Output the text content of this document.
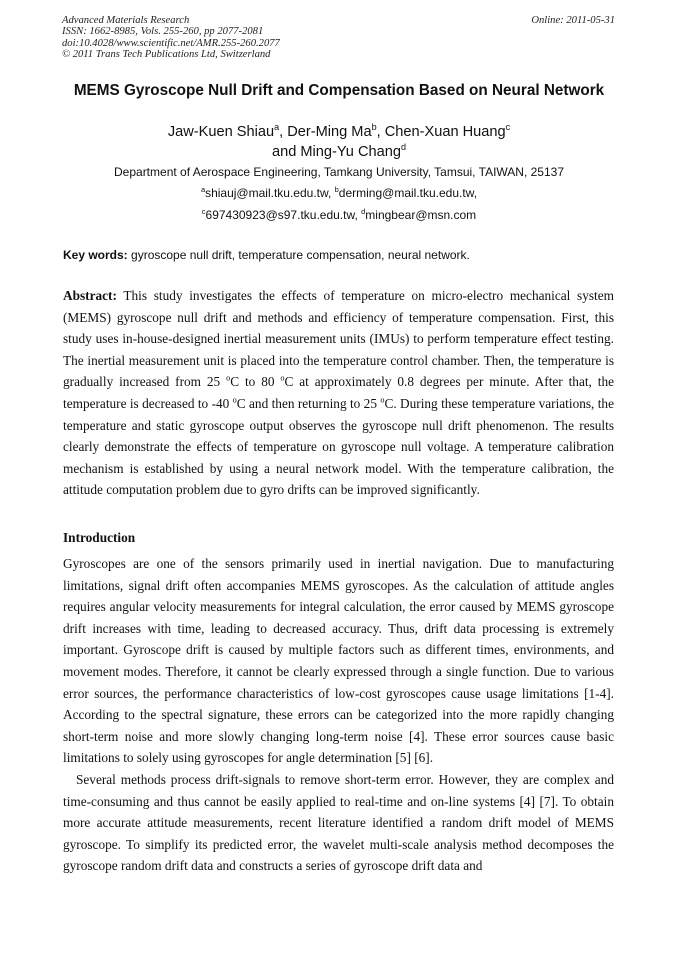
Advanced Materials Research
ISSN: 1662-8985, Vols. 255-260, pp 2077-2081
doi:10.4028/www.scientific.net/AMR.255-260.2077
© 2011 Trans Tech Publications Ltd, Switzerland
Online: 2011-05-31
MEMS Gyroscope Null Drift and Compensation Based on Neural Network
Jaw-Kuen Shiau$^a$, Der-Ming Ma$^b$, Chen-Xuan Huang$^c$
and Ming-Yu Chang$^d$
Department of Aerospace Engineering, Tamkang University, Tamsui, TAIWAN, 25137
$^a$shiauj@mail.tku.edu.tw, $^b$derming@mail.tku.edu.tw,
$^c$697430923@s97.tku.edu.tw, $^d$mingbear@msn.com
Key words: gyroscope null drift, temperature compensation, neural network.
Abstract: This study investigates the effects of temperature on micro-electro mechanical system (MEMS) gyroscope null drift and methods and efficiency of temperature compensation. First, this study uses in-house-designed inertial measurement units (IMUs) to perform temperature effect testing. The inertial measurement unit is placed into the temperature control chamber. Then, the temperature is gradually increased from 25 $^o$C to 80 $^o$C at approximately 0.8 degrees per minute. After that, the temperature is decreased to -40 $^o$C and then returning to 25 $^o$C. During these temperature variations, the temperature and static gyroscope output observes the gyroscope null drift phenomenon. The results clearly demonstrate the effects of temperature on gyroscope null voltage. A temperature calibration mechanism is established by using a neural network model. With the temperature calibration, the attitude computation problem due to gyro drifts can be improved significantly.
Introduction
Gyroscopes are one of the sensors primarily used in inertial navigation. Due to manufacturing limitations, signal drift often accompanies MEMS gyroscopes. As the calculation of attitude angles requires angular velocity measurements for integral calculation, the error caused by MEMS gyroscope drift increases with time, leading to decreased accuracy. Thus, drift data processing is extremely important. Gyroscope drift is caused by multiple factors such as different times, environments, and movement modes. Therefore, it cannot be clearly expressed through a single function. Due to various error sources, the performance characteristics of low-cost gyroscopes cause usage limitations [1-4]. According to the spectral signature, these errors can be categorized into the more rapidly changing short-term noise and more slowly changing long-term noise [4]. These error sources cause basic limitations to solely using gyroscopes for angle determination [5] [6].
Several methods process drift-signals to remove short-term error. However, they are complex and time-consuming and thus cannot be easily applied to real-time and on-line systems [4] [7]. To obtain more accurate attitude measurements, recent literature identified a random drift model of MEMS gyroscope. To simplify its predicted error, the wavelet multi-scale analysis method decomposes the gyroscope random drift data and constructs a series of gyroscope drift data and
